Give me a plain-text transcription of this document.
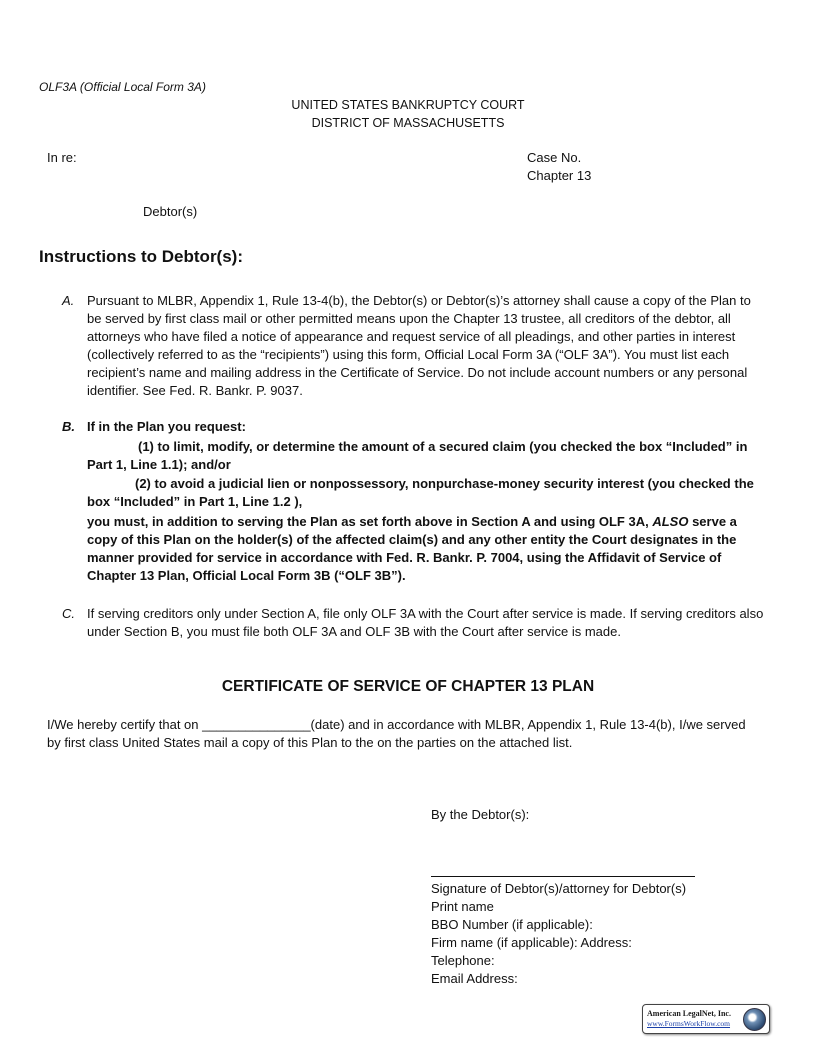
OLF3A (Official Local Form 3A)
UNITED STATES BANKRUPTCY COURT
DISTRICT OF MASSACHUSETTS
In re:	Case No.
Chapter 13
Debtor(s)
Instructions to Debtor(s):
A. Pursuant to MLBR, Appendix 1, Rule 13-4(b), the Debtor(s) or Debtor(s)’s attorney shall cause a copy of the Plan to be served by first class mail or other permitted means upon the Chapter 13 trustee, all creditors of the debtor, all attorneys who have filed a notice of appearance and request service of all pleadings, and other parties in interest (collectively referred to as the “recipients”) using this form, Official Local Form 3A (“OLF 3A”). You must list each recipient’s name and mailing address in the Certificate of Service. Do not include account numbers or any personal identifier. See Fed. R. Bankr. P. 9037.
B. If in the Plan you request:
(1) to limit, modify, or determine the amount of a secured claim (you checked the box “Included” in Part 1, Line 1.1); and/or
(2) to avoid a judicial lien or nonpossessory, nonpurchase-money security interest (you checked the box “Included” in Part 1, Line 1.2 ),
you must, in addition to serving the Plan as set forth above in Section A and using OLF 3A, ALSO serve a copy of this Plan on the holder(s) of the affected claim(s) and any other entity the Court designates in the manner provided for service in accordance with Fed. R. Bankr. P. 7004, using the Affidavit of Service of Chapter 13 Plan, Official Local Form 3B (“OLF 3B”).
C. If serving creditors only under Section A, file only OLF 3A with the Court after service is made. If serving creditors also under Section B, you must file both OLF 3A and OLF 3B with the Court after service is made.
CERTIFICATE OF SERVICE OF CHAPTER 13 PLAN
I/We hereby certify that on _______________(date) and in accordance with MLBR, Appendix 1, Rule 13-4(b), I/we served by first class United States mail a copy of this Plan to the on the parties on the attached list.
By the Debtor(s):
Signature of Debtor(s)/attorney for Debtor(s)
Print name
BBO Number (if applicable):
Firm name (if applicable): Address:
Telephone:
Email Address:
American LegalNet, Inc.
www.FormsWorkFlow.com
